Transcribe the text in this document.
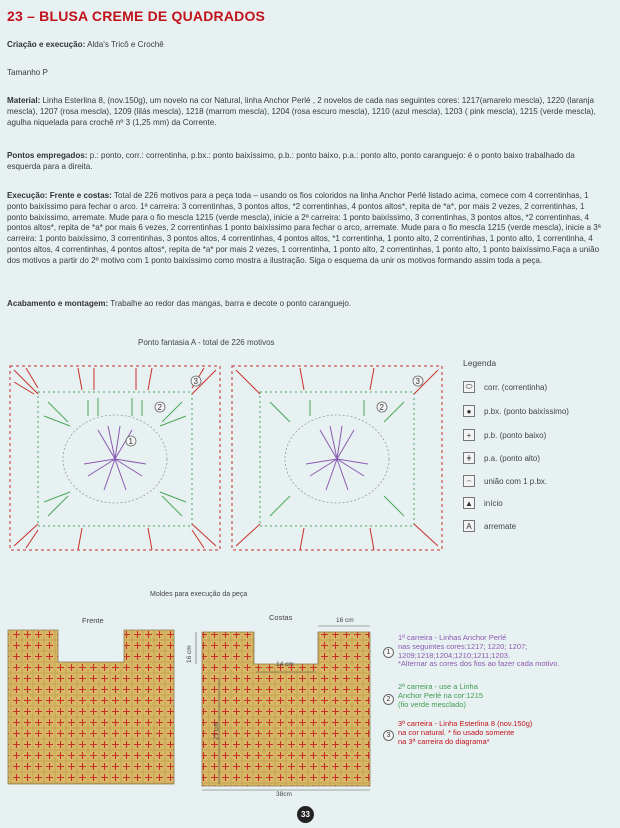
23 – BLUSA CREME DE QUADRADOS
Criação e execução: Alda's Tricô e Crochê
Tamanho P
Material: Linha Esterlina 8, (nov.150g), um novelo na cor Natural, linha Anchor Perlé , 2 novelos de cada nas seguintes cores: 1217(amarelo mescla), 1220 (laranja mescla), 1207 (rosa mescla), 1209 (lilás mescla), 1218 (marrom mescla), 1204 (rosa escuro mescla), 1210 (azul mescla), 1203 ( pink mescla), 1215 (verde mescla), agulha niquelada para crochê nº 3 (1,25 mm) da Corrente.
Pontos empregados: p.: ponto, corr.: correntinha, p.bx.: ponto baixíssimo, p.b.: ponto baixo, p.a.: ponto alto, ponto caranguejo: é o ponto baixo trabalhado da esquerda para a direita.
Execução: Frente e costas: Total de 226 motivos para a peça toda – usando os fios coloridos na linha Anchor Perlé listado acima, comece com 4 correntinhas, 1 ponto baixíssimo para fechar o arco. 1ª carreira: 3 correntinhas, 3 pontos altos, *2 correntinhas, 4 pontos altos*, repita de *a*, por mais 2 vezes, 2 correntinhas, 1 ponto baixíssimo, arremate. Mude para o fio mescla 1215 (verde mescla), inicie a 2ª carreira: 1 ponto baixíssimo, 3 correntinhas, 3 pontos altos, *2 correntinhas, 4 pontos altos*, repita de *a* por mais 6 vezes, 2 correntinhas 1 ponto baixíssimo para fechar o arco, arremate. Mude para o fio mescla 1215 (verde mescla), inicie a 3ª carreira: 1 ponto baixíssimo, 3 correntinhas, 3 pontos altos, 4 correntinhas, 4 pontos altos, *1 correntinha, 1 ponto alto, 2 correntinhas, 1 ponto alto, 1 correntinha, 4 pontos altos, 4 correntinhas, 4 pontos altos*, repita de *a* por mais 2 vezes, 1 correntinha, 1 ponto alto, 2 correntinhas, 1 ponto alto, 1 ponto baixíssimo.Faça a união dos motivos a partir do 2º motivo com 1 ponto baixíssimo como mostra a ilustração. Siga o esquema da unir os motivos formando assim toda a peça.
Acabamento e montagem: Trabalhe ao redor das mangas, barra e decote o ponto caranguejo.
Ponto fantasia A - total de 226 motivos
1
2
3
2
3
Legenda
⬭	corr. (correntinha)
●	p.bx. (ponto baixíssimo)
+	p.b. (ponto baixo)
ǂ	p.a. (ponto alto)
⌢	união com 1 p.bx.
▲ início
A	arremate
Moldes para execução da peça
Frente	Costas	16 cm
16 cm
14 cm
27 cm
38cm
1
1ª carreira - Linhas Anchor Perlé
nas seguintes cores:1217; 1220; 1207;
1209;1218;1204;1210;1211;1203.
*Alternar as cores dos fios ao fazer cada motivo.
2
2ª carreira - use a Linha
Anchor Perlé na cor:1215
(fio verde mesclado)
3
3ª carreira - Linha Esterlina 8 (nov.150g)
na cor natural. * fio usado somente
na 3ª carreira do diagrama*
33
